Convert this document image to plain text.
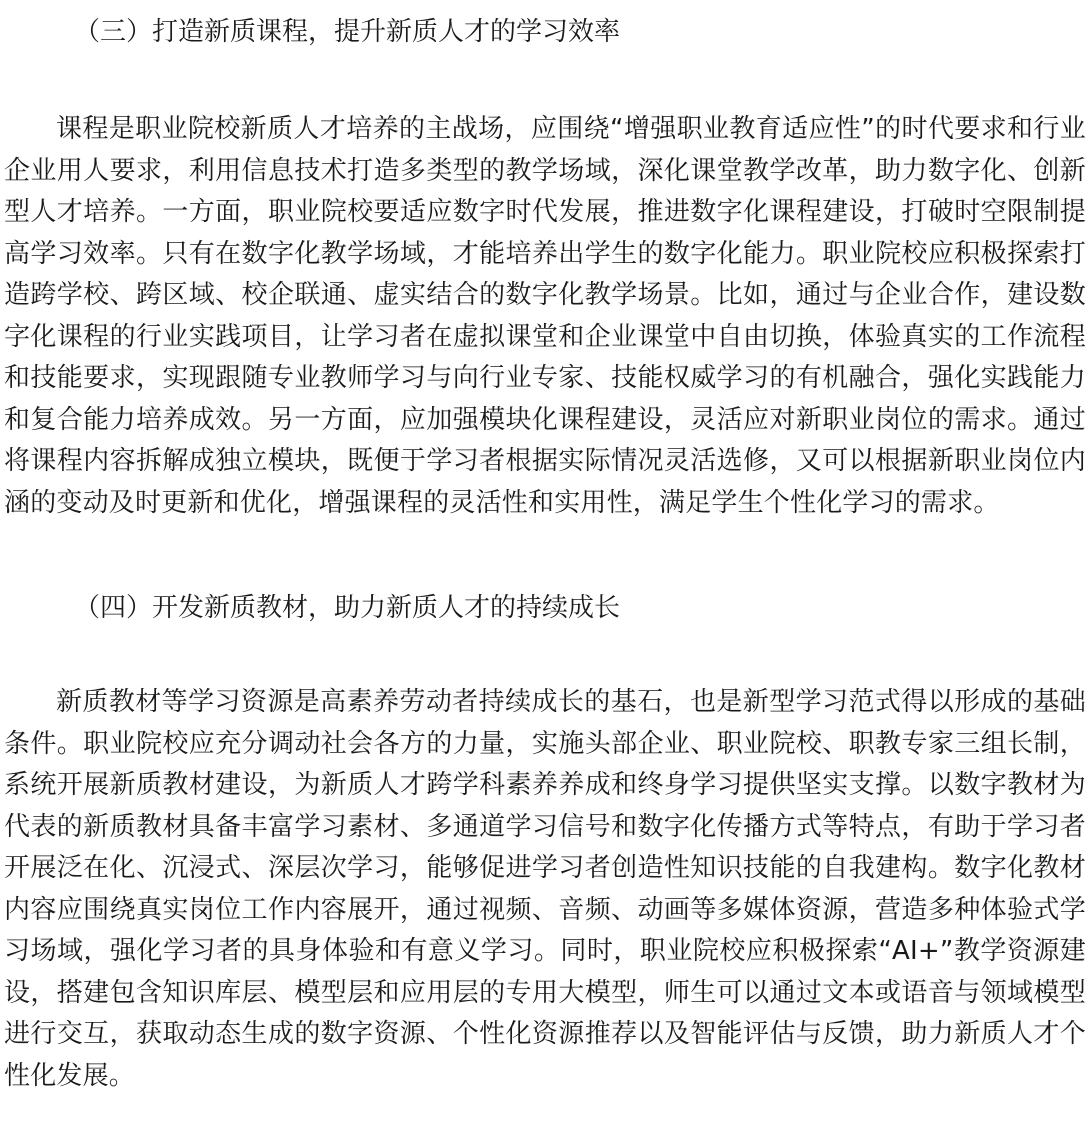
（三）打造新质课程，提升新质人才的学习效率

课程是职业院校新质人才培养的主战场，应围绕“增强职业教育适应性”的时代要求和行业企业用人要求，利用信息技术打造多类型的教学场域，深化课堂教学改革，助力数字化、创新型人才培养。一方面，职业院校要适应数字时代发展，推进数字化课程建设，打破时空限制提高学习效率。只有在数字化教学场域，才能培养出学生的数字化能力。职业院校应积极探索打造跨学校、跨区域、校企联通、虚实结合的数字化教学场景。比如，通过与企业合作，建设数字化课程的行业实践项目，让学习者在虚拟课堂和企业课堂中自由切换，体验真实的工作流程和技能要求，实现跟随专业教师学习与向行业专家、技能权威学习的有机融合，强化实践能力和复合能力培养成效。另一方面，应加强模块化课程建设，灵活应对新职业岗位的需求。通过将课程内容拆解成独立模块，既便于学习者根据实际情况灵活选修，又可以根据新职业岗位内涵的变动及时更新和优化，增强课程的灵活性和实用性，满足学生个性化学习的需求。

（四）开发新质教材，助力新质人才的持续成长

新质教材等学习资源是高素养劳动者持续成长的基石，也是新型学习范式得以形成的基础条件。职业院校应充分调动社会各方的力量，实施头部企业、职业院校、职教专家三组长制，系统开展新质教材建设，为新质人才跨学科素养养成和终身学习提供坚实支撑。以数字教材为代表的新质教材具备丰富学习素材、多通道学习信号和数字化传播方式等特点，有助于学习者开展泛在化、沉浸式、深层次学习，能够促进学习者创造性知识技能的自我建构。数字化教材内容应围绕真实岗位工作内容展开，通过视频、音频、动画等多媒体资源，营造多种体验式学习场域，强化学习者的具身体验和有意义学习。同时，职业院校应积极探索“AI+”教学资源建设，搭建包含知识库层、模型层和应用层的专用大模型，师生可以通过文本或语音与领域模型进行交互，获取动态生成的数字资源、个性化资源推荐以及智能评估与反馈，助力新质人才个性化发展。
